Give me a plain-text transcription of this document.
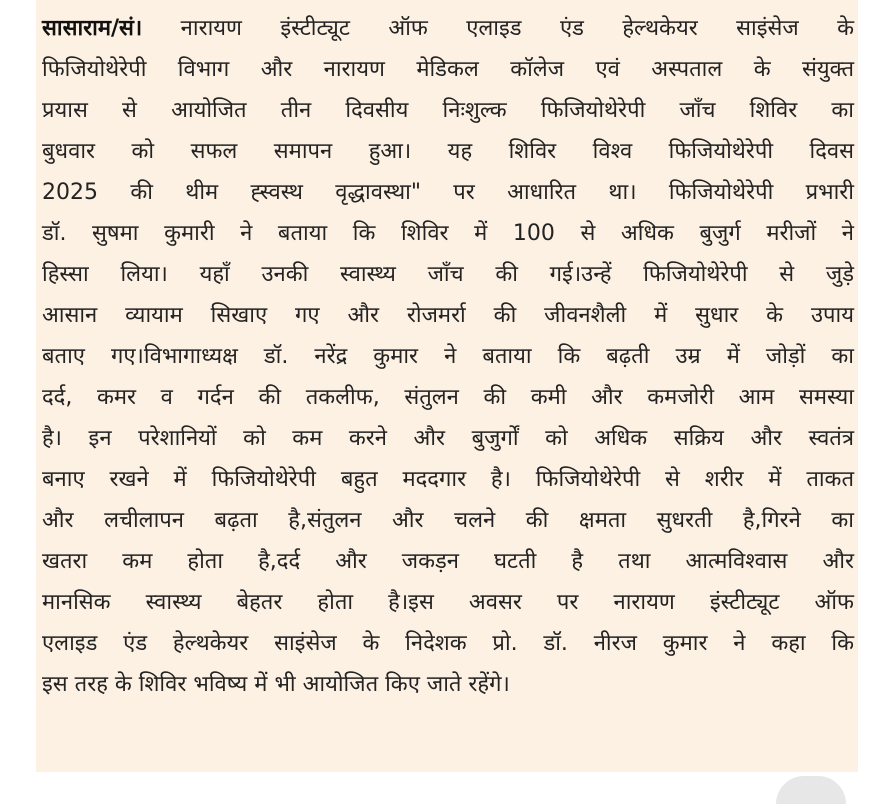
सासाराम/सं। नारायण इंस्टीट्यूट ऑफ एलाइड एंड हेल्थकेयर साइंसेज के
फिजियोथेरेपी विभाग और नारायण मेडिकल कॉलेज एवं अस्पताल के संयुक्त
प्रयास से आयोजित तीन दिवसीय निःशुल्क फिजियोथेरेपी जाँच शिविर का
बुधवार को सफल समापन हुआ। यह शिविर विश्व फिजियोथेरेपी दिवस
2025 की थीम ह्स्वस्थ वृद्धावस्था" पर आधारित था। फिजियोथेरेपी प्रभारी
डॉ. सुषमा कुमारी ने बताया कि शिविर में 100 से अधिक बुजुर्ग मरीजों ने
हिस्सा लिया। यहाँ उनकी स्वास्थ्य जाँच की गई।उन्हें फिजियोथेरेपी से जुड़े
आसान व्यायाम सिखाए गए और रोजमर्रा की जीवनशैली में सुधार के उपाय
बताए गए।विभागाध्यक्ष डॉ. नरेंद्र कुमार ने बताया कि बढ़ती उम्र में जोड़ों का
दर्द, कमर व गर्दन की तकलीफ, संतुलन की कमी और कमजोरी आम समस्या
है। इन परेशानियों को कम करने और बुजुर्गों को अधिक सक्रिय और स्वतंत्र
बनाए रखने में फिजियोथेरेपी बहुत मददगार है। फिजियोथेरेपी से शरीर में ताकत
और लचीलापन बढ़ता है,संतुलन और चलने की क्षमता सुधरती है,गिरने का
खतरा कम होता है,दर्द और जकड़न घटती है तथा आत्मविश्वास और
मानसिक स्वास्थ्य बेहतर होता है।इस अवसर पर नारायण इंस्टीट्यूट ऑफ
एलाइड एंड हेल्थकेयर साइंसेज के निदेशक प्रो. डॉ. नीरज कुमार ने कहा कि
इस तरह के शिविर भविष्य में भी आयोजित किए जाते रहेंगे।
